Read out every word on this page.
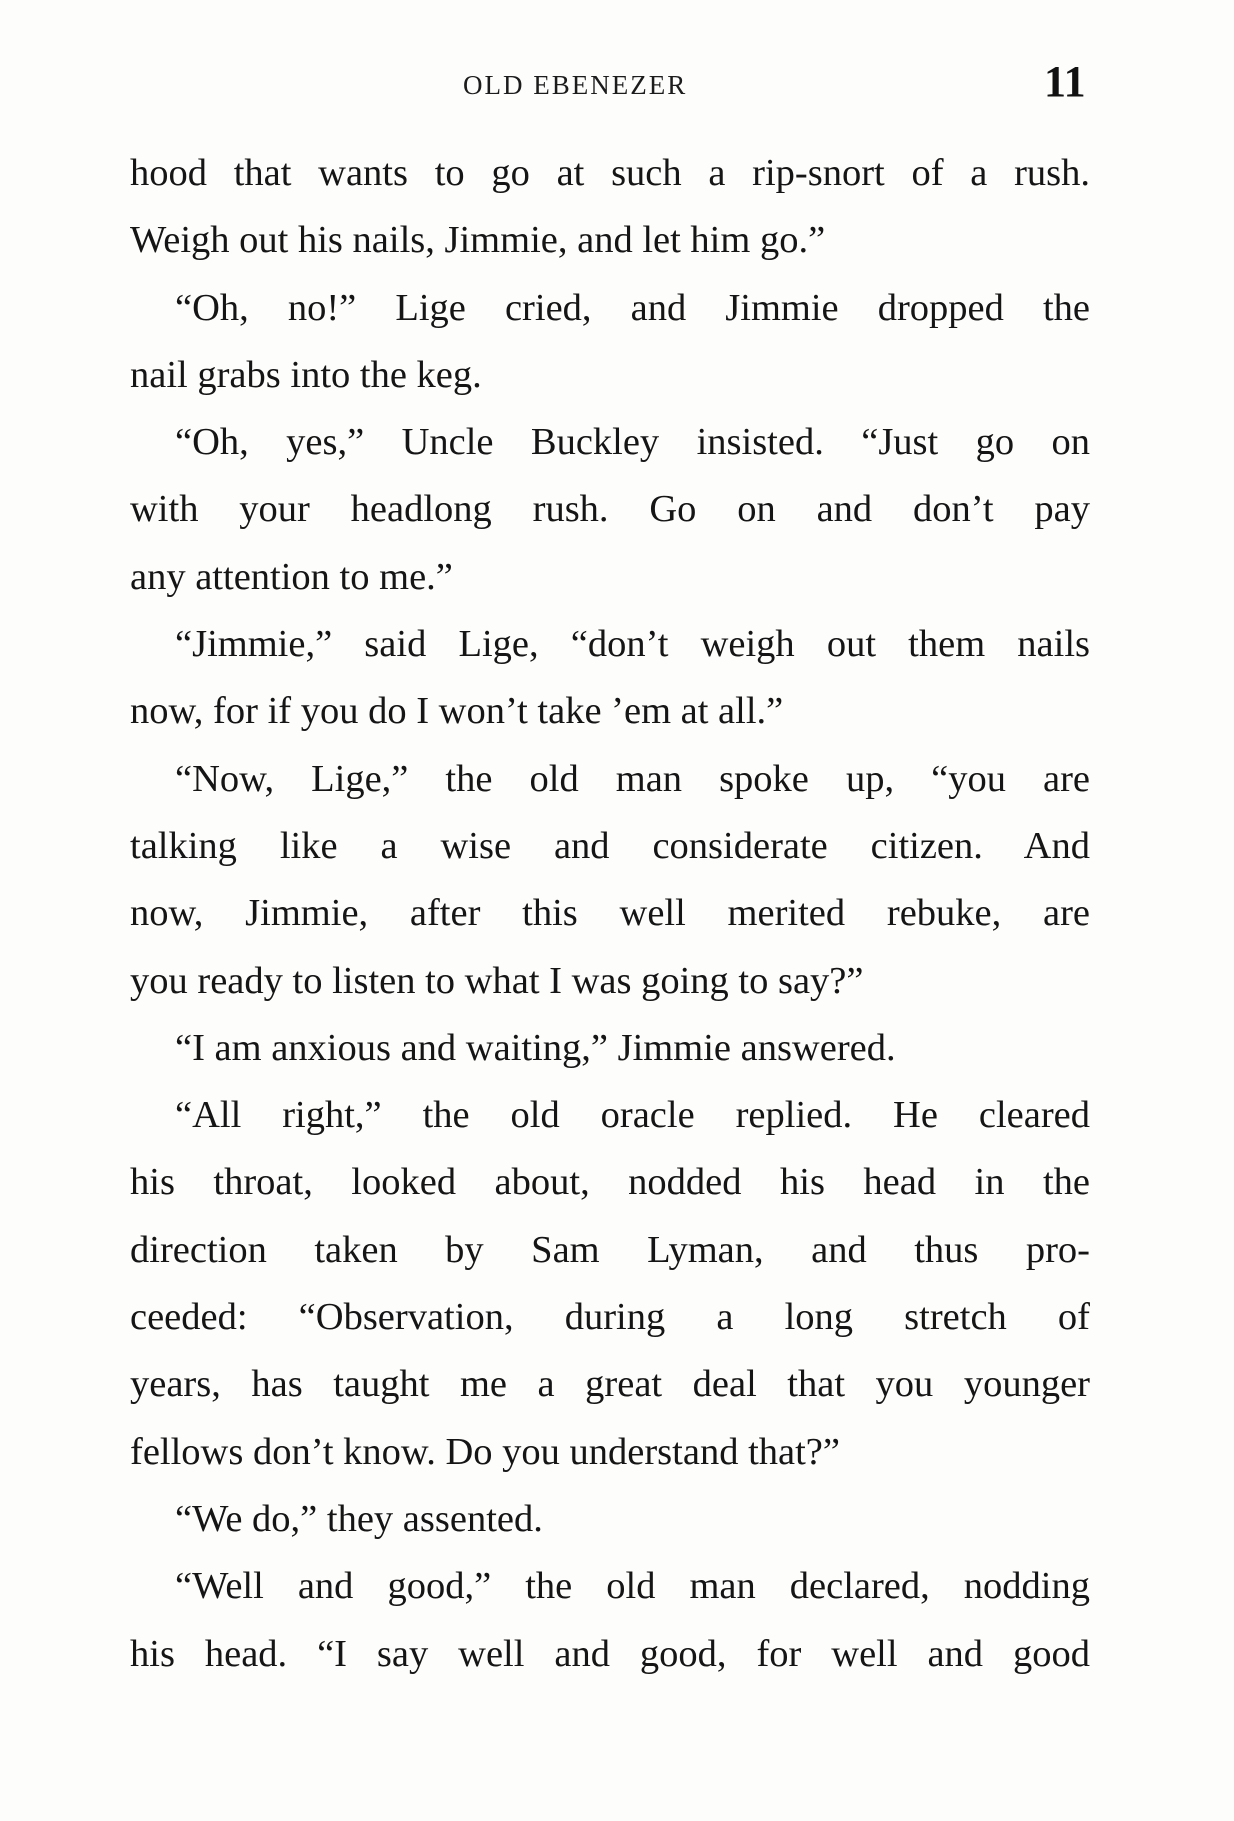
OLD EBENEZER	11
hood that wants to go at such a rip-snort of a rush.
Weigh out his nails, Jimmie, and let him go.”
“Oh, no!” Lige cried, and Jimmie dropped the
nail grabs into the keg.
“Oh, yes,” Uncle Buckley insisted. “Just go on
with your headlong rush. Go on and don’t pay
any attention to me.”
“Jimmie,” said Lige, “don’t weigh out them nails
now, for if you do I won’t take ’em at all.”
“Now, Lige,” the old man spoke up, “you are
talking like a wise and considerate citizen. And
now, Jimmie, after this well merited rebuke, are
you ready to listen to what I was going to say?”
“I am anxious and waiting,” Jimmie answered.
“All right,” the old oracle replied. He cleared
his throat, looked about, nodded his head in the
direction taken by Sam Lyman, and thus pro-
ceeded: “Observation, during a long stretch of
years, has taught me a great deal that you younger
fellows don’t know. Do you understand that?”
“We do,” they assented.
“Well and good,” the old man declared, nodding
his head. “I say well and good, for well and good
